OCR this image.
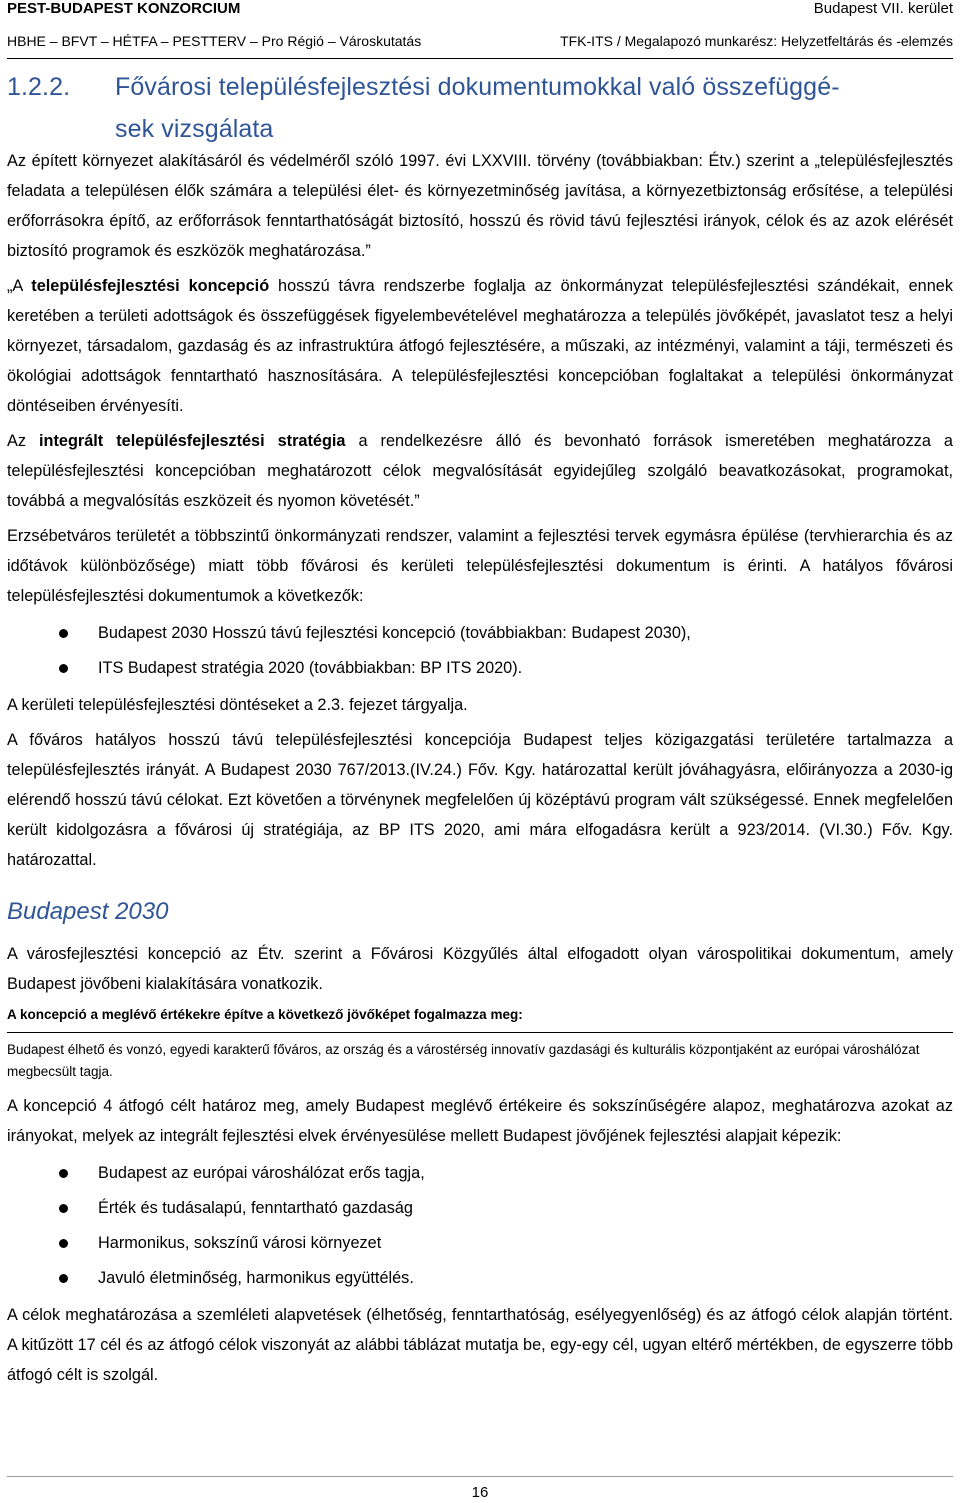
PEST-BUDAPEST KONZORCIUM	Budapest VII. kerület
HBHE – BFVT – HÉTFA – PESTTERV – Pro Régió – Városkutatás	TFK-ITS / Megalapozó munkarész: Helyzetfeltárás és -elemzés
1.2.2. Fővárosi településfejlesztési dokumentumokkal való összefüggé-
sek vizsgálata

Az épített környezet alakításáról és védelméről szóló 1997. évi LXXVIII. törvény (továbbiakban: Étv.) szerint a „településfejlesztés feladata a településen élők számára a települési élet- és környezetminőség javítása, a környezetbiztonság erősítése, a települési erőforrásokra építő, az erőforrások fenntarthatóságát biztosító, hosszú és rövid távú fejlesztési irányok, célok és az azok elérését biztosító programok és eszközök meghatározása.”

„A településfejlesztési koncepció hosszú távra rendszerbe foglalja az önkormányzat településfejlesztési szándékait, ennek keretében a területi adottságok és összefüggések figyelembevételével meghatározza a település jövőképét, javaslatot tesz a helyi környezet, társadalom, gazdaság és az infrastruktúra átfogó fejlesztésére, a műszaki, az intézményi, valamint a táji, természeti és ökológiai adottságok fenntartható hasznosítására. A településfejlesztési koncepcióban foglaltakat a települési önkormányzat döntéseiben érvényesíti.

Az integrált településfejlesztési stratégia a rendelkezésre álló és bevonható források ismeretében meghatározza a településfejlesztési koncepcióban meghatározott célok megvalósítását egyidejűleg szolgáló beavatkozásokat, programokat, továbbá a megvalósítás eszközeit és nyomon követését.”

Erzsébetváros területét a többszintű önkormányzati rendszer, valamint a fejlesztési tervek egymásra épülése (tervhierarchia és az időtávok különbözősége) miatt több fővárosi és kerületi településfejlesztési dokumentum is érinti. A hatályos fővárosi településfejlesztési dokumentumok a következők:

Budapest 2030 Hosszú távú fejlesztési koncepció (továbbiakban: Budapest 2030),
ITS Budapest stratégia 2020 (továbbiakban: BP ITS 2020).

A kerületi településfejlesztési döntéseket a 2.3. fejezet tárgyalja.

A főváros hatályos hosszú távú településfejlesztési koncepciója Budapest teljes közigazgatási területére tartalmazza a településfejlesztés irányát. A Budapest 2030 767/2013.(IV.24.) Főv. Kgy. határozattal került jóváhagyásra, előirányozza a 2030-ig elérendő hosszú távú célokat. Ezt követően a törvénynek megfelelően új középtávú program vált szükségessé. Ennek megfelelően került kidolgozásra a fővárosi új stratégiája, az BP ITS 2020, ami mára elfogadásra került a 923/2014. (VI.30.) Főv. Kgy. határozattal.

Budapest 2030

A városfejlesztési koncepció az Étv. szerint a Fővárosi Közgyűlés által elfogadott olyan várospolitikai dokumentum, amely Budapest jövőbeni kialakítására vonatkozik.

A koncepció a meglévő értékekre építve a következő jövőképet fogalmazza meg:
Budapest élhető és vonzó, egyedi karakterű főváros, az ország és a várostérség innovatív gazdasági és kulturális központjaként az európai városhálózat megbecsült tagja.

A koncepció 4 átfogó célt határoz meg, amely Budapest meglévő értékeire és sokszínűségére alapoz, meghatározva azokat az irányokat, melyek az integrált fejlesztési elvek érvényesülése mellett Budapest jövőjének fejlesztési alapjait képezik:

Budapest az európai városhálózat erős tagja,
Érték és tudásalapú, fenntartható gazdaság
Harmonikus, sokszínű városi környezet
Javuló életminőség, harmonikus együttélés.

A célok meghatározása a szemléleti alapvetések (élhetőség, fenntarthatóság, esélyegyenlőség) és az átfogó célok alapján történt. A kitűzött 17 cél és az átfogó célok viszonyát az alábbi táblázat mutatja be, egy-egy cél, ugyan eltérő mértékben, de egyszerre több átfogó célt is szolgál.

16
